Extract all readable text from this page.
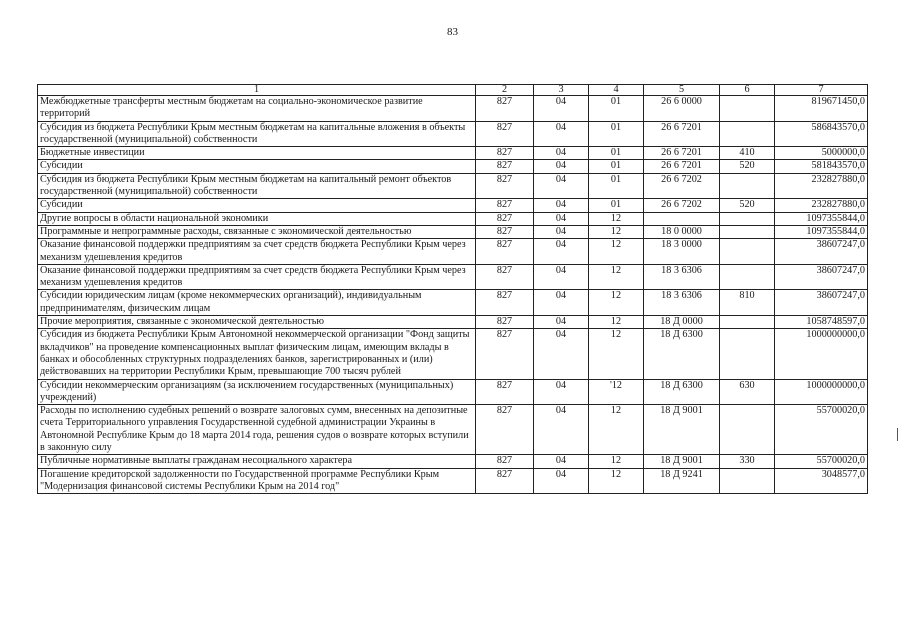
83
1	2	3	4	5	6	7
Межбюджетные трансферты местным бюджетам на социально-экономическое развитие территорий	827	04	01	26 6 0000		819671450,0
Субсидия из бюджета Республики Крым местным бюджетам на капитальные вложения в объекты государственной (муниципальной) собственности	827	04	01	26 6 7201		586843570,0
Бюджетные инвестиции	827	04	01	26 6 7201	410	5000000,0
Субсидии	827	04	01	26 6 7201	520	581843570,0
Субсидия из бюджета Республики Крым местным бюджетам на капитальный ремонт объектов государственной (муниципальной) собственности	827	04	01	26 6 7202		232827880,0
Субсидии	827	04	01	26 6 7202	520	232827880,0
Другие вопросы в области национальной экономики	827	04	12			1097355844,0
Программные и непрограммные расходы, связанные с экономической деятельностью	827	04	12	18 0 0000		1097355844,0
Оказание финансовой поддержки предприятиям за счет средств бюджета Республики Крым через механизм удешевления кредитов	827	04	12	18 3 0000		38607247,0
Оказание финансовой поддержки предприятиям за счет средств бюджета Республики Крым через механизм удешевления кредитов	827	04	12	18 3 6306		38607247,0
Субсидии юридическим лицам (кроме некоммерческих организаций), индивидуальным предпринимателям, физическим лицам	827	04	12	18 3 6306	810	38607247,0
Прочие мероприятия, связанные с экономической деятельностью	827	04	12	18 Д 0000		1058748597,0
Субсидия из бюджета Республики Крым Автономной некоммерческой организации "Фонд защиты вкладчиков" на проведение компенсационных выплат физическим лицам, имеющим вклады в банках и обособленных структурных подразделениях банков, зарегистрированных и (или) действовавших на территории Республики Крым, превышающие 700 тысяч рублей	827	04	12	18 Д 6300		1000000000,0
Субсидии некоммерческим организациям (за исключением государственных (муниципальных) учреждений)	827	04	'12	18 Д 6300	630	1000000000,0
Расходы по исполнению судебных решений о возврате залоговых сумм, внесенных на депозитные счета Территориального управления Государственной судебной администрации Украины в Автономной Республике Крым до 18 марта 2014 года, решения судов о возврате которых вступили в законную силу	827	04	12	18 Д 9001		55700020,0
Публичные нормативные выплаты гражданам несоциального характера	827	04	12	18 Д 9001	330	55700020,0
Погашение кредиторской задолженности по Государственной программе Республики Крым "Модернизация финансовой системы Республики Крым на 2014 год"	827	04	12	18 Д 9241		3048577,0
